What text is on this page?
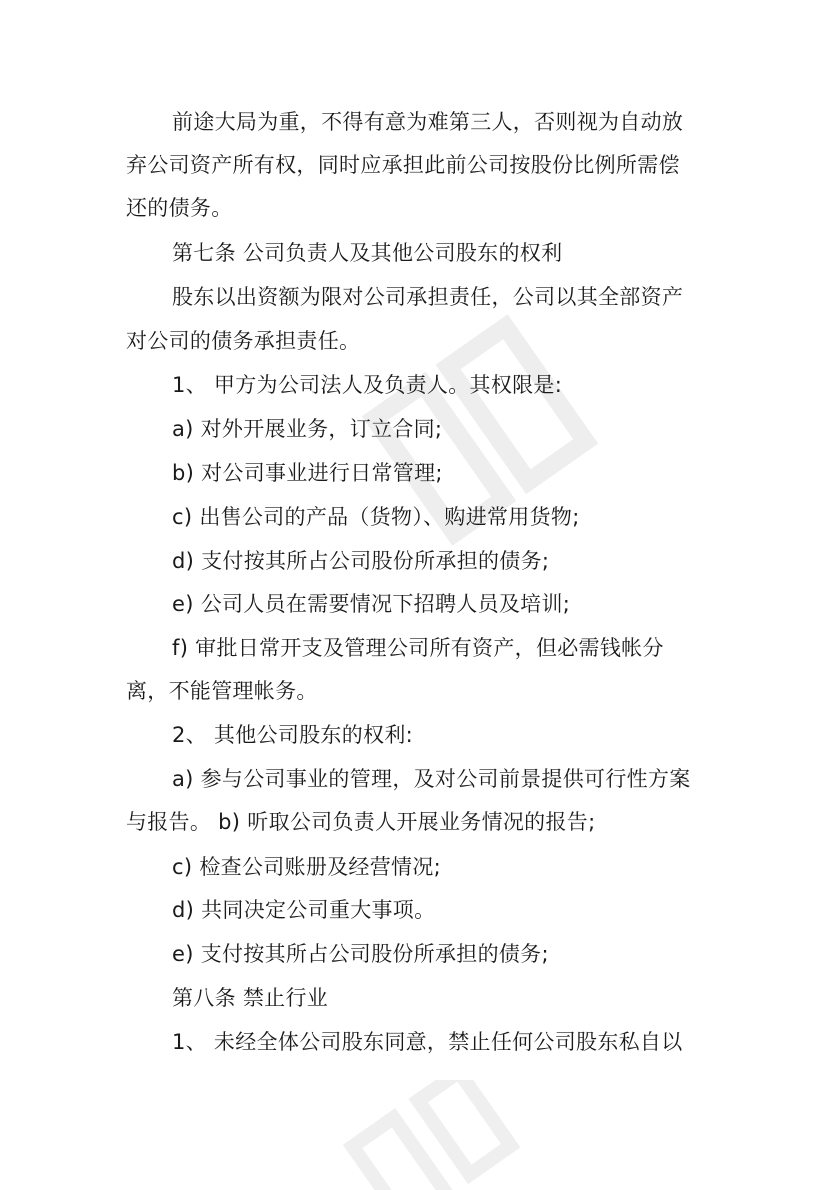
前途大局为重，不得有意为难第三人，否则视为自动放
弃公司资产所有权，同时应承担此前公司按股份比例所需偿
还的债务。
第七条 公司负责人及其他公司股东的权利
股东以出资额为限对公司承担责任，公司以其全部资产
对公司的债务承担责任。
1、 甲方为公司法人及负责人。其权限是:
a) 对外开展业务，订立合同;
b) 对公司事业进行日常管理;
c) 出售公司的产品（货物）、购进常用货物;
d) 支付按其所占公司股份所承担的债务;
e) 公司人员在需要情况下招聘人员及培训;
f) 审批日常开支及管理公司所有资产，但必需钱帐分
离，不能管理帐务。
2、 其他公司股东的权利:
a) 参与公司事业的管理，及对公司前景提供可行性方案
与报告。 b) 听取公司负责人开展业务情况的报告;
c) 检查公司账册及经营情况;
d) 共同决定公司重大事项。
e) 支付按其所占公司股份所承担的债务;
第八条 禁止行业
1、 未经全体公司股东同意，禁止任何公司股东私自以
